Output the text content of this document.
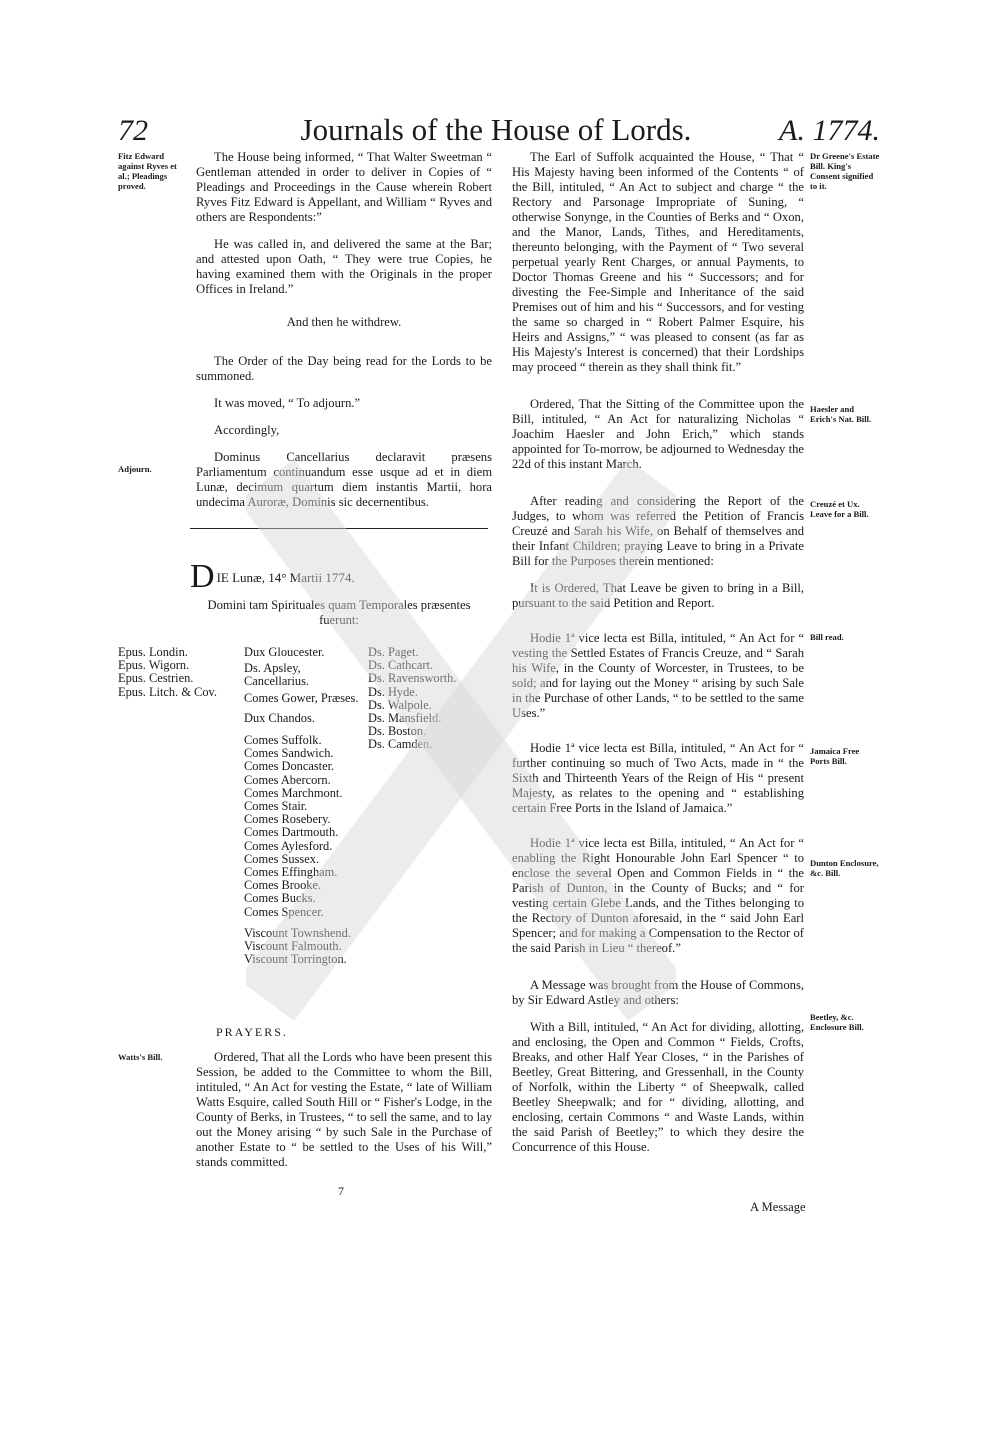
72	Journals of the House of Lords.	A. 1774.
Fitz Edward against Ryves et al.; Pleadings proved.
Adjourn.
Watts's Bill.
Dr Greene's Estate Bill. King's Consent signified to it.
Haesler and Erich's Nat. Bill.
Creuzé et Ux. Leave for a Bill.
Bill read.
Jamaica Free Ports Bill.
Dunton Enclosure, &c. Bill.
Beetley, &c. Enclosure Bill.

The House being informed, “ That Walter Sweetman “ Gentleman attended in order to deliver in Copies of “ Pleadings and Proceedings in the Cause wherein Robert Ryves Fitz Edward is Appellant, and William “ Ryves and others are Respondents:”

He was called in, and delivered the same at the Bar; and attested upon Oath, “ They were true Copies, he having examined them with the Originals in the proper Offices in Ireland.”

And then he withdrew.

The Order of the Day being read for the Lords to be summoned.

It was moved, “ To adjourn.”

Accordingly,

Dominus Cancellarius declaravit præsens Parliamentum continuandum esse usque ad et in diem Lunæ, decimum quartum diem instantis Martii, hora undecima Auroræ, Dominis sic decernentibus.

D IE Lunæ, 14° Martii 1774.
Domini tam Spirituales quam Temporales præsentes fuerunt:
Epus. Londin.
Epus. Wigorn.
Epus. Cestrien.
Epus. Litch. & Cov.
Dux Gloucester.
Ds. Apsley, Cancellarius.
Comes Gower, Præses.
Dux Chandos.
Comes Suffolk.
Comes Sandwich.
Comes Doncaster.
Comes Abercorn.
Comes Marchmont.
Comes Stair.
Comes Rosebery.
Comes Dartmouth.
Comes Aylesford.
Comes Sussex.
Comes Effingham.
Comes Brooke.
Comes Bucks.
Comes Spencer.
Viscount Townshend.
Viscount Falmouth.
Viscount Torrington.
Ds. Paget.
Ds. Cathcart.
Ds. Ravensworth.
Ds. Hyde.
Ds. Walpole.
Ds. Mansfield.
Ds. Boston.
Ds. Camden.
PRAYERS.

Ordered, That all the Lords who have been present this Session, be added to the Committee to whom the Bill, intituled, “ An Act for vesting the Estate, “ late of William Watts Esquire, called South Hill or “ Fisher's Lodge, in the County of Berks, in Trustees, “ to sell the same, and to lay out the Money arising “ by such Sale in the Purchase of another Estate to “ be settled to the Uses of his Will,” stands committed.

7

The Earl of Suffolk acquainted the House, “ That “ His Majesty having been informed of the Contents “ of the Bill, intituled, “ An Act to subject and charge “ the Rectory and Parsonage Impropriate of Suning, “ otherwise Sonynge, in the Counties of Berks and “ Oxon, and the Manor, Lands, Tithes, and Hereditaments, thereunto belonging, with the Payment of “ Two several perpetual yearly Rent Charges, or annual Payments, to Doctor Thomas Greene and his “ Successors; and for divesting the Fee-Simple and Inheritance of the said Premises out of him and his “ Successors, and for vesting the same so charged in “ Robert Palmer Esquire, his Heirs and Assigns,” “ was pleased to consent (as far as His Majesty's Interest is concerned) that their Lordships may proceed “ therein as they shall think fit.”

Ordered, That the Sitting of the Committee upon the Bill, intituled, “ An Act for naturalizing Nicholas “ Joachim Haesler and John Erich,” which stands appointed for To-morrow, be adjourned to Wednesday the 22d of this instant March.

After reading and considering the Report of the Judges, to whom was referred the Petition of Francis Creuzé and Sarah his Wife, on Behalf of themselves and their Infant Children; praying Leave to bring in a Private Bill for the Purposes therein mentioned:

It is Ordered, That Leave be given to bring in a Bill, pursuant to the said Petition and Report.

Hodie 1ª vice lecta est Billa, intituled, “ An Act for “ vesting the Settled Estates of Francis Creuze, and “ Sarah his Wife, in the County of Worcester, in Trustees, to be sold; and for laying out the Money “ arising by such Sale in the Purchase of other Lands, “ to be settled to the same Uses.”

Hodie 1ª vice lecta est Billa, intituled, “ An Act for “ further continuing so much of Two Acts, made in “ the Sixth and Thirteenth Years of the Reign of His “ present Majesty, as relates to the opening and “ establishing certain Free Ports in the Island of Jamaica.”

Hodie 1ª vice lecta est Billa, intituled, “ An Act for “ enabling the Right Honourable John Earl Spencer “ to enclose the several Open and Common Fields in “ the Parish of Dunton, in the County of Bucks; and “ for vesting certain Glebe Lands, and the Tithes belonging to the Rectory of Dunton aforesaid, in the “ said John Earl Spencer; and for making a Compensation to the Rector of the said Parish in Lieu “ thereof.”

A Message was brought from the House of Commons, by Sir Edward Astley and others:

With a Bill, intituled, “ An Act for dividing, allotting, and enclosing, the Open and Common “ Fields, Crofts, Breaks, and other Half Year Closes, “ in the Parishes of Beetley, Great Bittering, and Gressenhall, in the County of Norfolk, within the Liberty “ of Sheepwalk, called Beetley Sheepwalk; and for “ dividing, allotting, and enclosing, certain Commons “ and Waste Lands, within the said Parish of Beetley;” to which they desire the Concurrence of this House.

A Message
